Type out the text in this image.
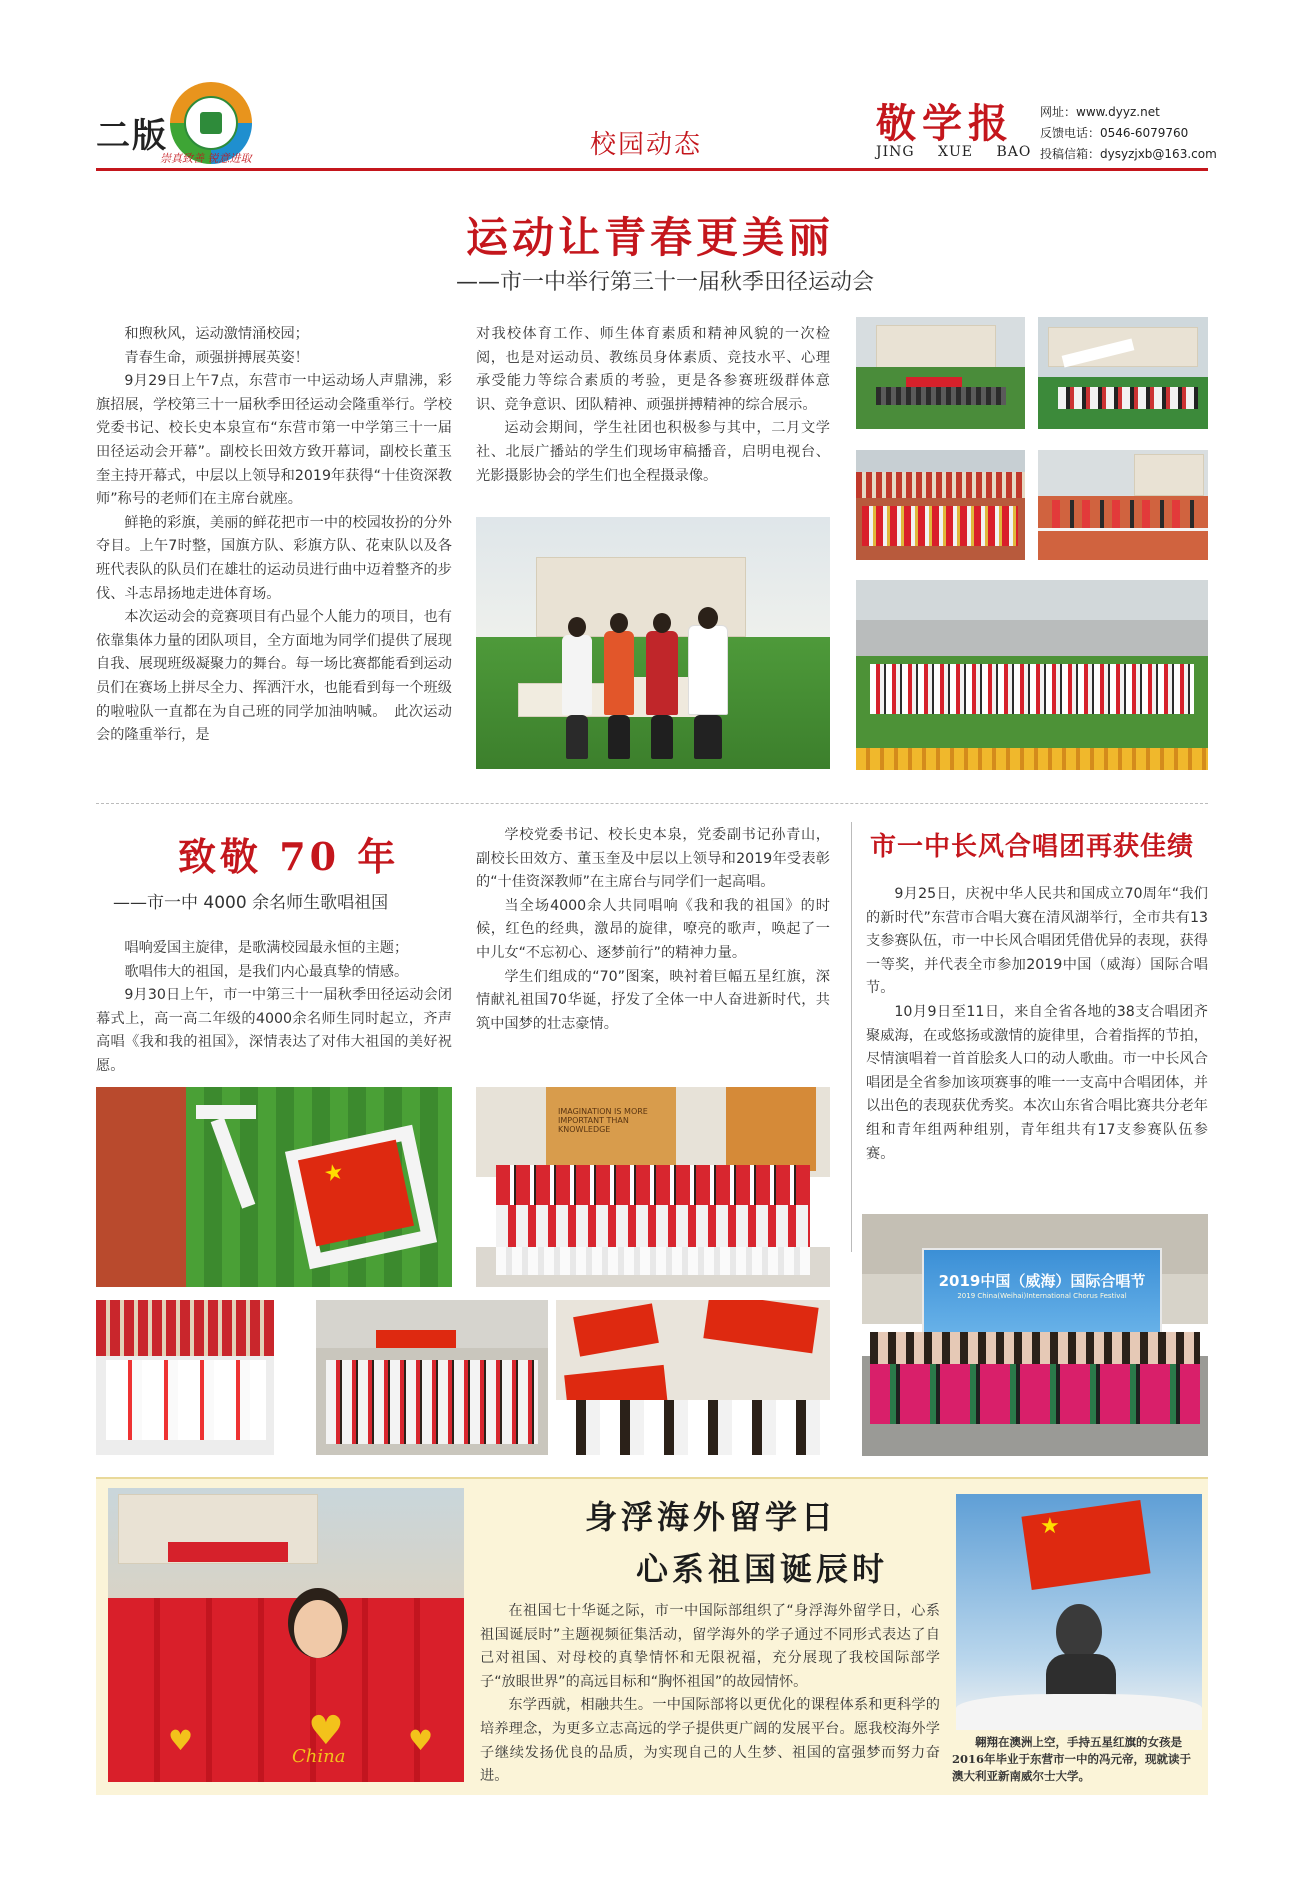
二版
崇真致善 锐意进取	校园动态	敬学报
JING XUE BAO
网址：www.dyyz.net
反馈电话：0546-6079760
投稿信箱：dysyzjxb@163.com
运动让青春更美丽
——市一中举行第三十一届秋季田径运动会

和煦秋风，运动激情涌校园；

青春生命，顽强拼搏展英姿！

9月29日上午7点，东营市一中运动场人声鼎沸，彩旗招展，学校第三十一届秋季田径运动会隆重举行。学校党委书记、校长史本泉宣布“东营市第一中学第三十一届田径运动会开幕”。副校长田效方致开幕词，副校长董玉奎主持开幕式，中层以上领导和2019年获得“十佳资深教师”称号的老师们在主席台就座。

鲜艳的彩旗，美丽的鲜花把市一中的校园妆扮的分外夺目。上午7时整，国旗方队、彩旗方队、花束队以及各班代表队的队员们在雄壮的运动员进行曲中迈着整齐的步伐、斗志昂扬地走进体育场。

本次运动会的竞赛项目有凸显个人能力的项目，也有依靠集体力量的团队项目，全方面地为同学们提供了展现自我、展现班级凝聚力的舞台。每一场比赛都能看到运动员们在赛场上拼尽全力、挥洒汗水，也能看到每一个班级的啦啦队一直都在为自己班的同学加油呐喊。　此次运动会的隆重举行，是

对我校体育工作、师生体育素质和精神风貌的一次检阅，也是对运动员、教练员身体素质、竞技水平、心理承受能力等综合素质的考验，更是各参赛班级群体意识、竞争意识、团队精神、顽强拼搏精神的综合展示。

运动会期间，学生社团也积极参与其中，二月文学社、北辰广播站的学生们现场审稿播音，启明电视台、光影摄影协会的学生们也全程摄录像。

致敬 70 年
——市一中 4000 余名师生歌唱祖国

唱响爱国主旋律，是歌满校园最永恒的主题；

歌唱伟大的祖国，是我们内心最真挚的情感。

9月30日上午，市一中第三十一届秋季田径运动会闭幕式上，高一高二年级的4000余名师生同时起立，齐声高唱《我和我的祖国》，深情表达了对伟大祖国的美好祝愿。

学校党委书记、校长史本泉，党委副书记孙青山，副校长田效方、董玉奎及中层以上领导和2019年受表彰的“十佳资深教师”在主席台与同学们一起高唱。

当全场4000余人共同唱响《我和我的祖国》的时候，红色的经典，激昂的旋律，嘹亮的歌声，唤起了一中儿女“不忘初心、逐梦前行”的精神力量。

学生们组成的“70”图案，映衬着巨幅五星红旗，深情献礼祖国70华诞，抒发了全体一中人奋进新时代，共筑中国梦的壮志豪情。

★
IMAGINATION IS MORE IMPORTANT THAN KNOWLEDGE
市一中长风合唱团再获佳绩

9月25日，庆祝中华人民共和国成立70周年“我们的新时代”东营市合唱大赛在清风湖举行，全市共有13支参赛队伍，市一中长风合唱团凭借优异的表现，获得一等奖，并代表全市参加2019中国（威海）国际合唱节。

10月9日至11日，来自全省各地的38支合唱团齐聚威海，在或悠扬或激情的旋律里，合着指挥的节拍，尽情演唱着一首首脍炙人口的动人歌曲。市一中长风合唱团是全省参加该项赛事的唯一一支高中合唱团体，并以出色的表现获优秀奖。本次山东省合唱比赛共分老年组和青年组两种组别，青年组共有17支参赛队伍参赛。

2019中国（威海）国际合唱节
2019 China(Weihai)International Chorus Festival
♥
China
♥	♥
身浮海外留学日
心系祖国诞辰时

在祖国七十华诞之际，市一中国际部组织了“身浮海外留学日，心系祖国诞辰时”主题视频征集活动，留学海外的学子通过不同形式表达了自己对祖国、对母校的真挚情怀和无限祝福，充分展现了我校国际部学子“放眼世界”的高远目标和“胸怀祖国”的故园情怀。

东学西就，相融共生。一中国际部将以更优化的课程体系和更科学的培养理念，为更多立志高远的学子提供更广阔的发展平台。愿我校海外学子继续发扬优良的品质，为实现自己的人生梦、祖国的富强梦而努力奋进。

★
翱翔在澳洲上空，手持五星红旗的女孩是2016年毕业于东营市一中的冯元帝，现就读于澳大利亚新南威尔士大学。
